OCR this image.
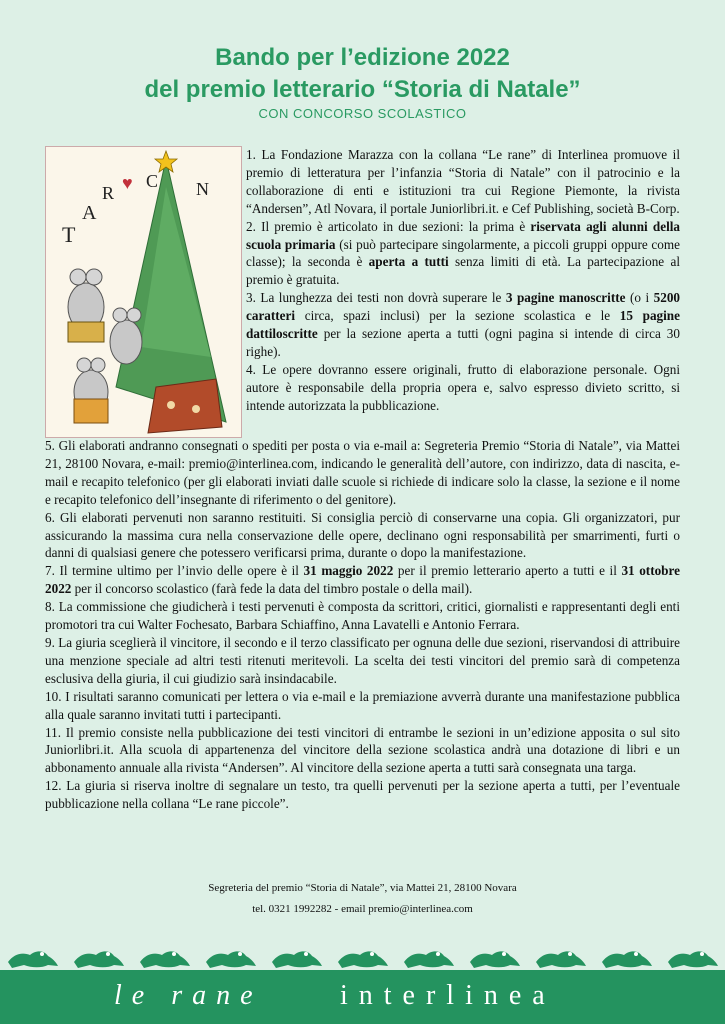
Bando per l’edizione 2022
del premio letterario “Storia di Natale”
CON CONCORSO SCOLASTICO
T
A
R ♥ C N

1. La Fondazione Marazza con la collana “Le rane” di Interlinea promuove il premio di letteratura per l’infanzia “Storia di Natale” con il patrocinio e la collaborazione di enti e istituzioni tra cui Regione Piemonte, la rivista “Andersen”, Atl Novara, il portale Juniorlibri.it. e Cef Publishing, società B-Corp.

2. Il premio è articolato in due sezioni: la prima è riservata agli alunni della scuola primaria (si può partecipare singolarmente, a piccoli gruppi oppure come classe); la seconda è aperta a tutti senza limiti di età. La partecipazione al premio è gratuita.

3. La lunghezza dei testi non dovrà superare le 3 pagine manoscritte (o i 5200 caratteri circa, spazi inclusi) per la sezione scolastica e le 15 pagine dattiloscritte per la sezione aperta a tutti (ogni pagina si intende di circa 30 righe).

4. Le opere dovranno essere originali, frutto di elaborazione personale. Ogni autore è responsabile della propria opera e, salvo espresso divieto scritto, si intende autorizzata la pubblicazione.

5. Gli elaborati andranno consegnati o spediti per posta o via e-mail a: Segreteria Premio “Storia di Natale”, via Mattei 21, 28100 Novara, e-mail: premio@interlinea.com, indicando le generalità dell’autore, con indirizzo, data di nascita, e-mail e recapito telefonico (per gli elaborati inviati dalle scuole si richiede di indicare solo la classe, la sezione e il nome e recapito telefonico dell’insegnante di riferimento o del genitore).

6. Gli elaborati pervenuti non saranno restituiti. Si consiglia perciò di conservarne una copia. Gli organizzatori, pur assicurando la massima cura nella conservazione delle opere, declinano ogni responsabilità per smarrimenti, furti o danni di qualsiasi genere che potessero verificarsi prima, durante o dopo la manifestazione.

7. Il termine ultimo per l’invio delle opere è il 31 maggio 2022 per il premio letterario aperto a tutti e il 31 ottobre 2022 per il concorso scolastico (farà fede la data del timbro postale o della mail).

8. La commissione che giudicherà i testi pervenuti è composta da scrittori, critici, giornalisti e rappresentanti degli enti promotori tra cui Walter Fochesato, Barbara Schiaffino, Anna Lavatelli e Antonio Ferrara.

9. La giuria sceglierà il vincitore, il secondo e il terzo classificato per ognuna delle due sezioni, riservandosi di attribuire una menzione speciale ad altri testi ritenuti meritevoli. La scelta dei testi vincitori del premio sarà di competenza esclusiva della giuria, il cui giudizio sarà insindacabile.

10. I risultati saranno comunicati per lettera o via e-mail e la premiazione avverrà durante una manifestazione pubblica alla quale saranno invitati tutti i partecipanti.

11. Il premio consiste nella pubblicazione dei testi vincitori di entrambe le sezioni in un’edizione apposita o sul sito Juniorlibri.it. Alla scuola di appartenenza del vincitore della sezione scolastica andrà una dotazione di libri e un abbonamento annuale alla rivista “Andersen”. Al vincitore della sezione aperta a tutti sarà consegnata una targa.

12. La giuria si riserva inoltre di segnalare un testo, tra quelli pervenuti per la sezione aperta a tutti, per l’eventuale pubblicazione nella collana “Le rane piccole”.

Segreteria del premio “Storia di Natale”, via Mattei 21, 28100 Novara
tel. 0321 1992282 - email premio@interlinea.com
le rane	interlinea
